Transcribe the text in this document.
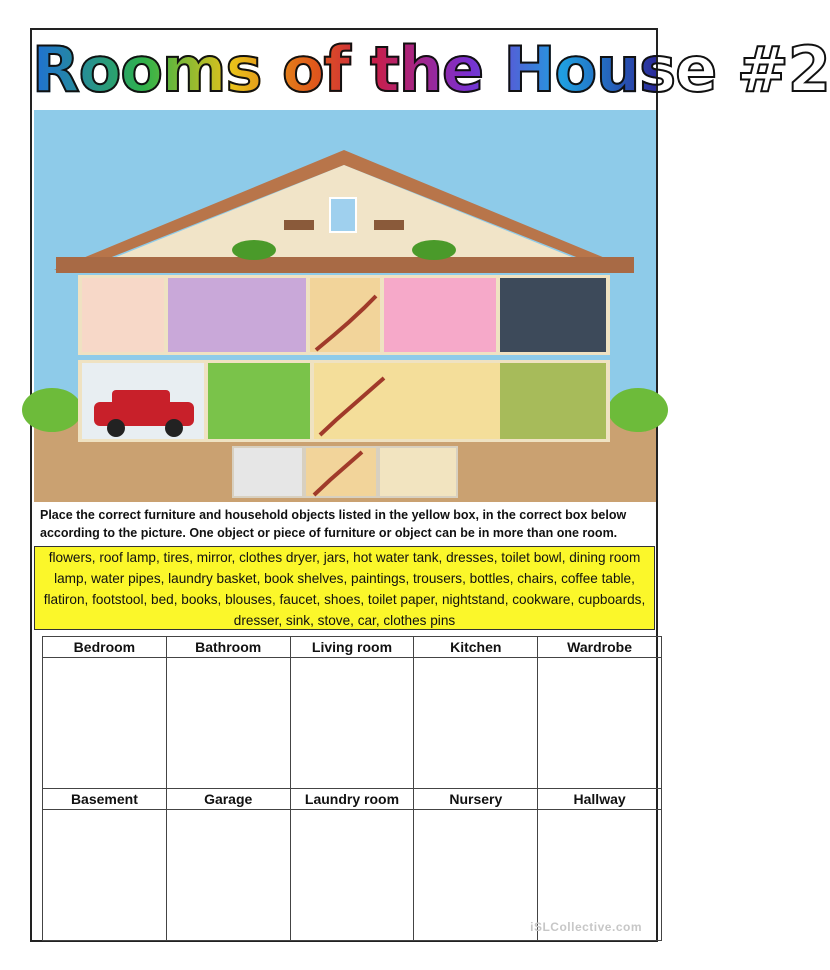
Rooms of the House #2
Place the correct furniture and household objects listed in the yellow box, in the correct box below according to the picture. One object or piece of furniture or object can be in more than one room.
flowers, roof lamp, tires, mirror, clothes dryer, jars, hot water tank, dresses, toilet bowl, dining room lamp, water pipes, laundry basket, book shelves, paintings, trousers, bottles, chairs, coffee table, flatiron, footstool, bed, books, blouses, faucet, shoes, toilet paper, nightstand, cookware, cupboards, dresser, sink, stove, car, clothes pins
Bedroom	Bathroom	Living room	Kitchen	Wardrobe

Basement	Garage	Laundry room	Nursery	Hallway

iSLCollective.com
